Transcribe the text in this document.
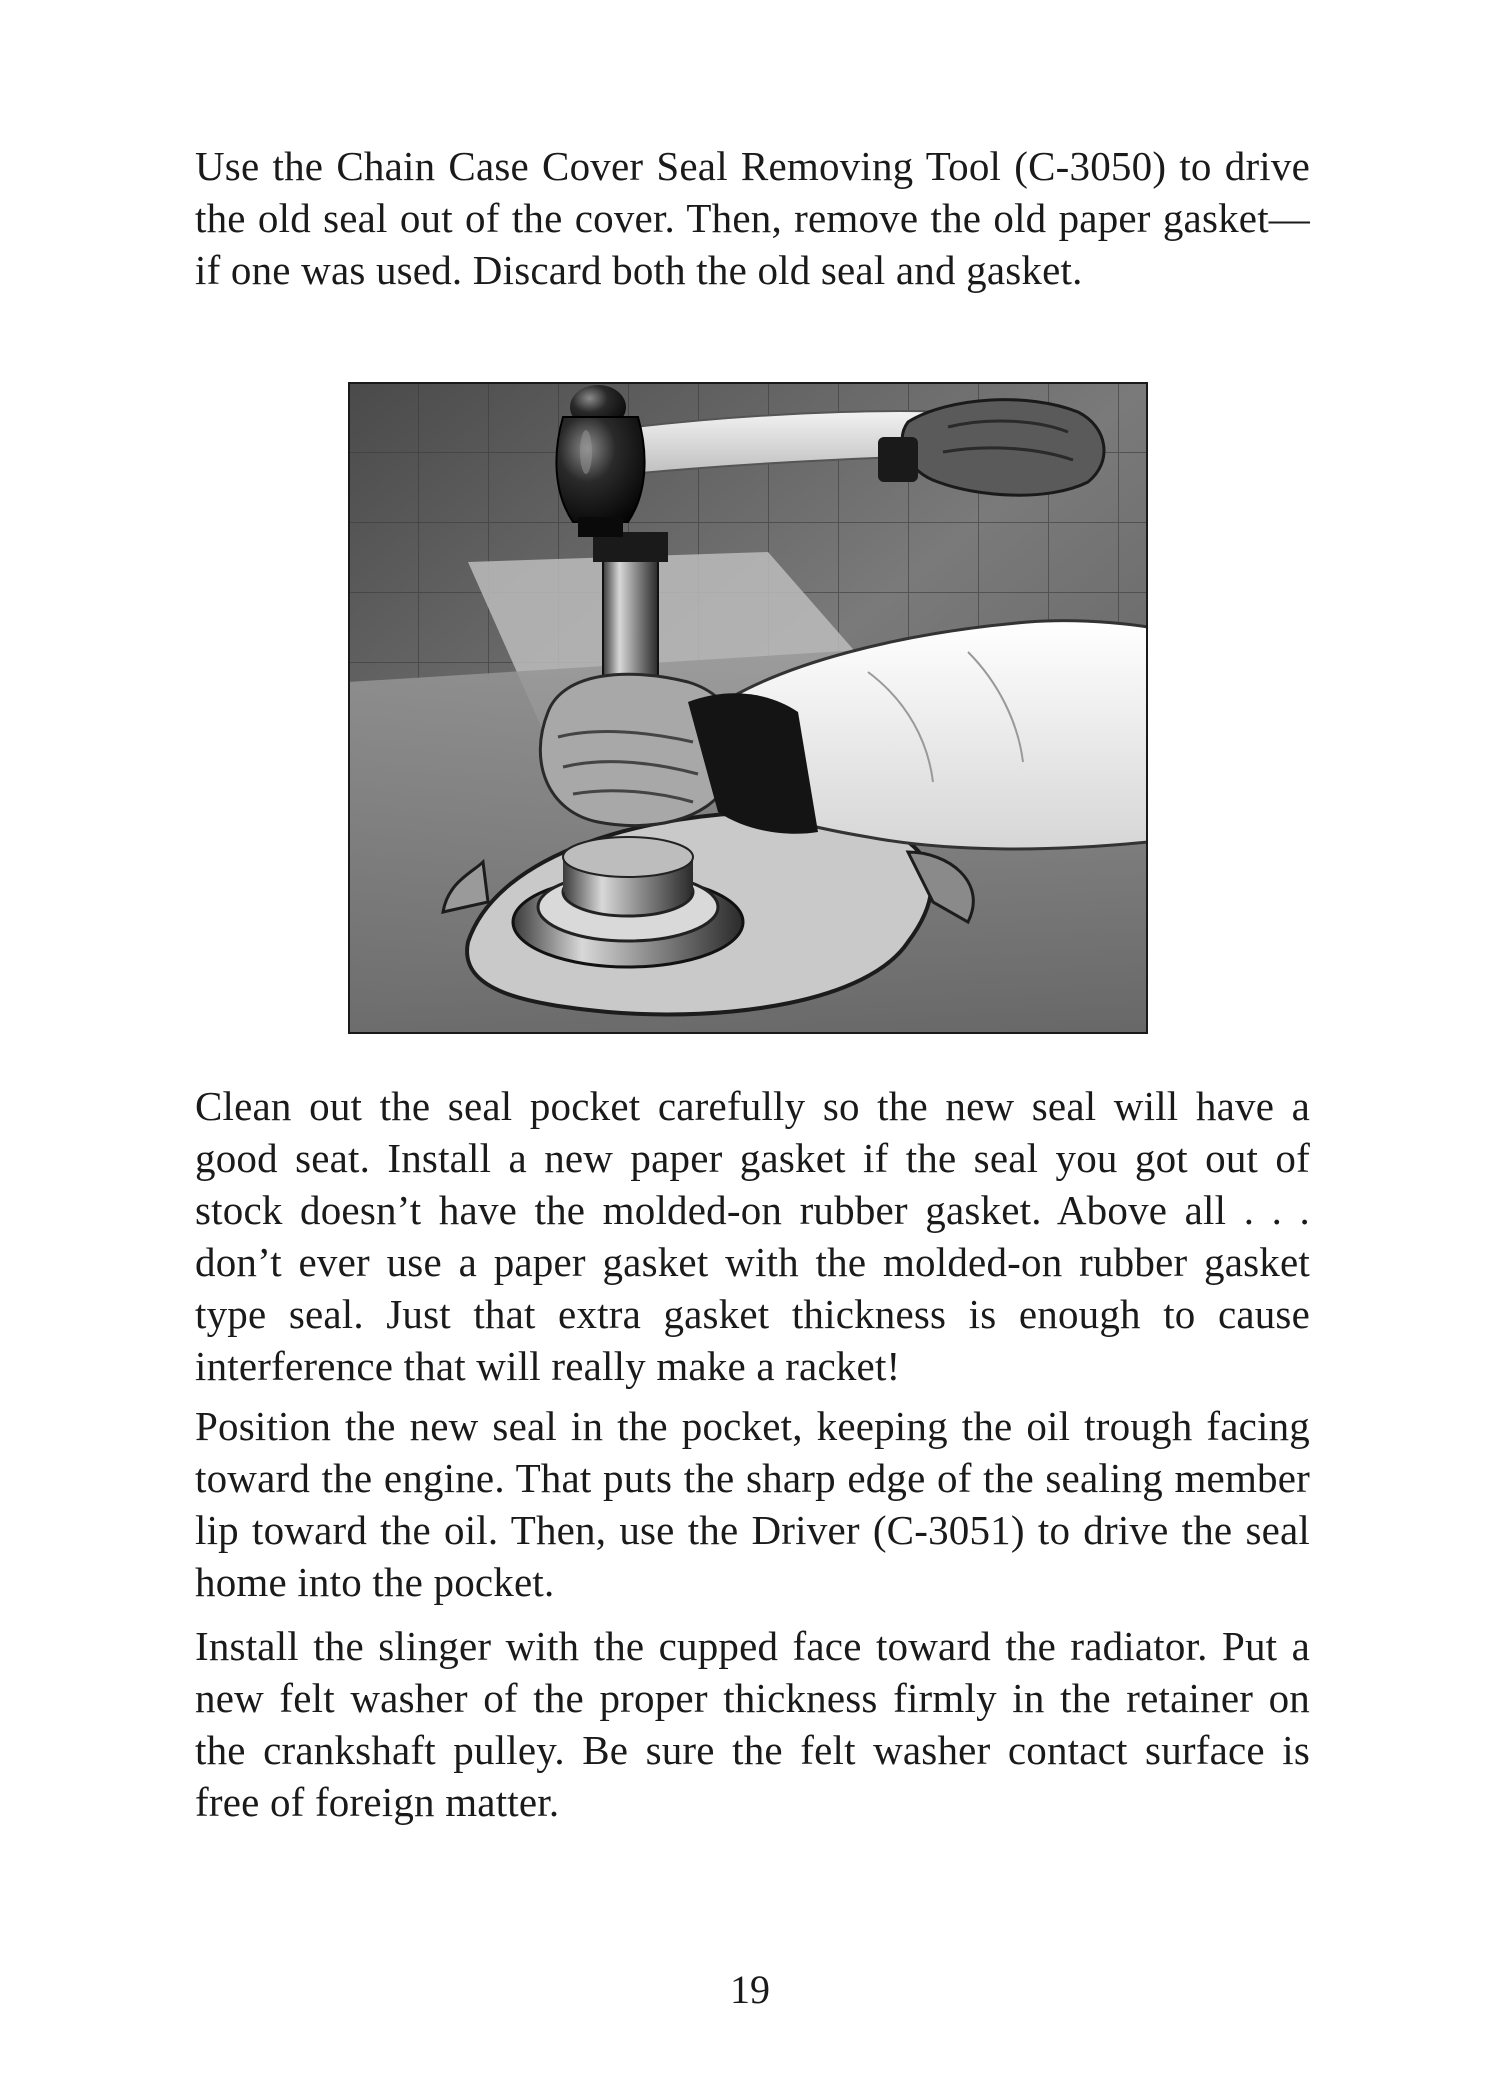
Use the Chain Case Cover Seal Removing Tool (C-3050) to drive the old seal out of the cover. Then, remove the old paper gasket—if one was used. Discard both the old seal and gasket.

Clean out the seal pocket carefully so the new seal will have a good seat. Install a new paper gasket if the seal you got out of stock doesn’t have the molded-on rubber gasket. Above all . . . don’t ever use a paper gasket with the molded-on rubber gasket type seal. Just that extra gasket thickness is enough to cause interference that will really make a racket!

Position the new seal in the pocket, keeping the oil trough facing toward the engine. That puts the sharp edge of the sealing member lip toward the oil. Then, use the Driver (C-3051) to drive the seal home into the pocket.

Install the slinger with the cupped face toward the radiator. Put a new felt washer of the proper thickness firmly in the retainer on the crankshaft pulley. Be sure the felt washer contact surface is free of foreign matter.

19
